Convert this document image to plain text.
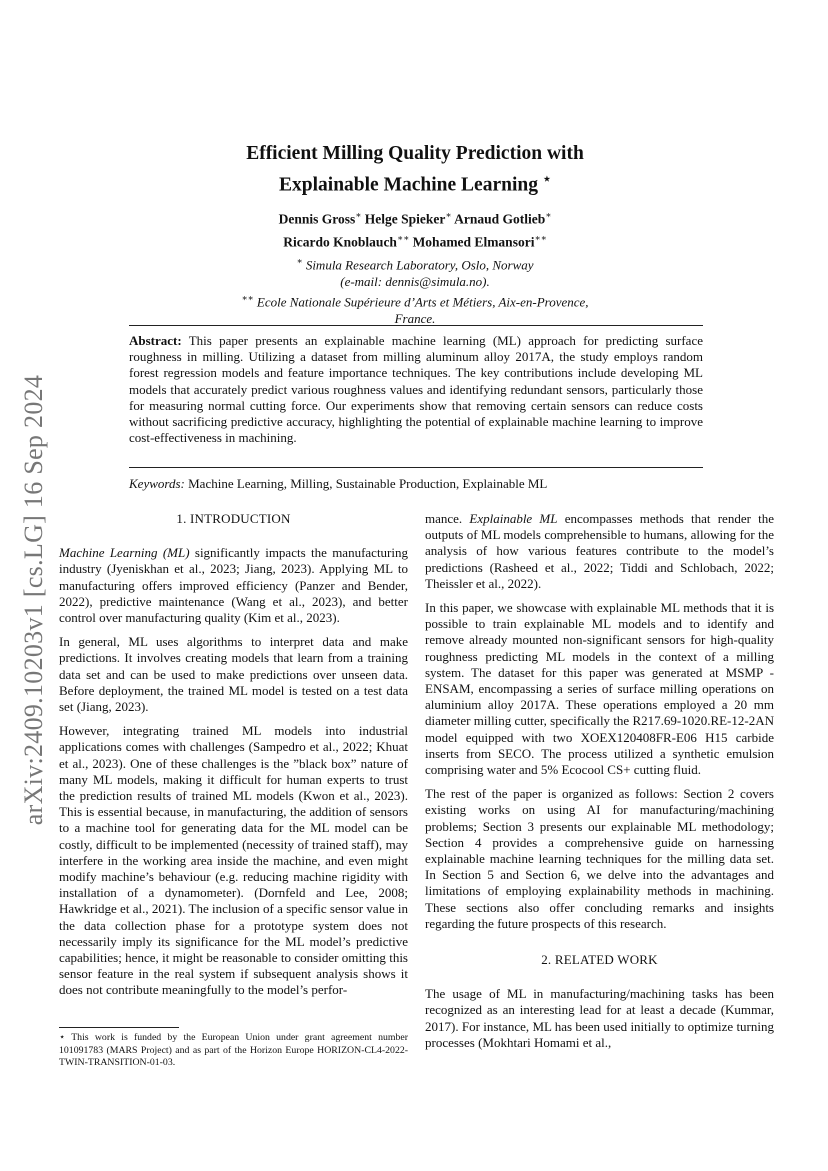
arXiv:2409.10203v1 [cs.LG] 16 Sep 2024
Efficient Milling Quality Prediction with
Explainable Machine Learning ⋆
Dennis Gross∗ Helge Spieker∗ Arnaud Gotlieb∗
Ricardo Knoblauch∗∗ Mohamed Elmansori∗∗
∗ Simula Research Laboratory, Oslo, Norway
(e-mail: dennis@simula.no).
∗∗ Ecole Nationale Supérieure d’Arts et Métiers, Aix-en-Provence,
France.
Abstract: This paper presents an explainable machine learning (ML) approach for predicting surface roughness in milling. Utilizing a dataset from milling aluminum alloy 2017A, the study employs random forest regression models and feature importance techniques. The key contributions include developing ML models that accurately predict various roughness values and identifying redundant sensors, particularly those for measuring normal cutting force. Our experiments show that removing certain sensors can reduce costs without sacrificing predictive accuracy, highlighting the potential of explainable machine learning to improve cost-effectiveness in machining.
Keywords: Machine Learning, Milling, Sustainable Production, Explainable ML
1. INTRODUCTION

Machine Learning (ML) significantly impacts the manufacturing industry (Jyeniskhan et al., 2023; Jiang, 2023). Applying ML to manufacturing offers improved efficiency (Panzer and Bender, 2022), predictive maintenance (Wang et al., 2023), and better control over manufacturing quality (Kim et al., 2023).

In general, ML uses algorithms to interpret data and make predictions. It involves creating models that learn from a training data set and can be used to make predictions over unseen data. Before deployment, the trained ML model is tested on a test data set (Jiang, 2023).

However, integrating trained ML models into industrial applications comes with challenges (Sampedro et al., 2022; Khuat et al., 2023). One of these challenges is the ”black box” nature of many ML models, making it difficult for human experts to trust the prediction results of trained ML models (Kwon et al., 2023). This is essential because, in manufacturing, the addition of sensors to a machine tool for generating data for the ML model can be costly, difficult to be implemented (necessity of trained staff), may interfere in the working area inside the machine, and even might modify machine’s behaviour (e.g. reducing machine rigidity with installation of a dynamometer). (Dornfeld and Lee, 2008; Hawkridge et al., 2021). The inclusion of a specific sensor value in the data collection phase for a prototype system does not necessarily imply its significance for the ML model’s predictive capabilities; hence, it might be reasonable to consider omitting this sensor feature in the real system if subsequent analysis shows it does not contribute meaningfully to the model’s perfor-

⋆ This work is funded by the European Union under grant agreement number 101091783 (MARS Project) and as part of the Horizon Europe HORIZON-CL4-2022-TWIN-TRANSITION-01-03.

mance. Explainable ML encompasses methods that render the outputs of ML models comprehensible to humans, allowing for the analysis of how various features contribute to the model’s predictions (Rasheed et al., 2022; Tiddi and Schlobach, 2022; Theissler et al., 2022).

In this paper, we showcase with explainable ML methods that it is possible to train explainable ML models and to identify and remove already mounted non-significant sensors for high-quality roughness predicting ML models in the context of a milling system. The dataset for this paper was generated at MSMP - ENSAM, encompassing a series of surface milling operations on aluminium alloy 2017A. These operations employed a 20 mm diameter milling cutter, specifically the R217.69-1020.RE-12-2AN model equipped with two XOEX120408FR-E06 H15 carbide inserts from SECO. The process utilized a synthetic emulsion comprising water and 5% Ecocool CS+ cutting fluid.

The rest of the paper is organized as follows: Section 2 covers existing works on using AI for manufacturing/machining problems; Section 3 presents our explainable ML methodology; Section 4 provides a comprehensive guide on harnessing explainable machine learning techniques for the milling data set. In Section 5 and Section 6, we delve into the advantages and limitations of employing explainability methods in machining. These sections also offer concluding remarks and insights regarding the future prospects of this research.

2. RELATED WORK

The usage of ML in manufacturing/machining tasks has been recognized as an interesting lead for at least a decade (Kummar, 2017). For instance, ML has been used initially to optimize turning processes (Mokhtari Homami et al.,
